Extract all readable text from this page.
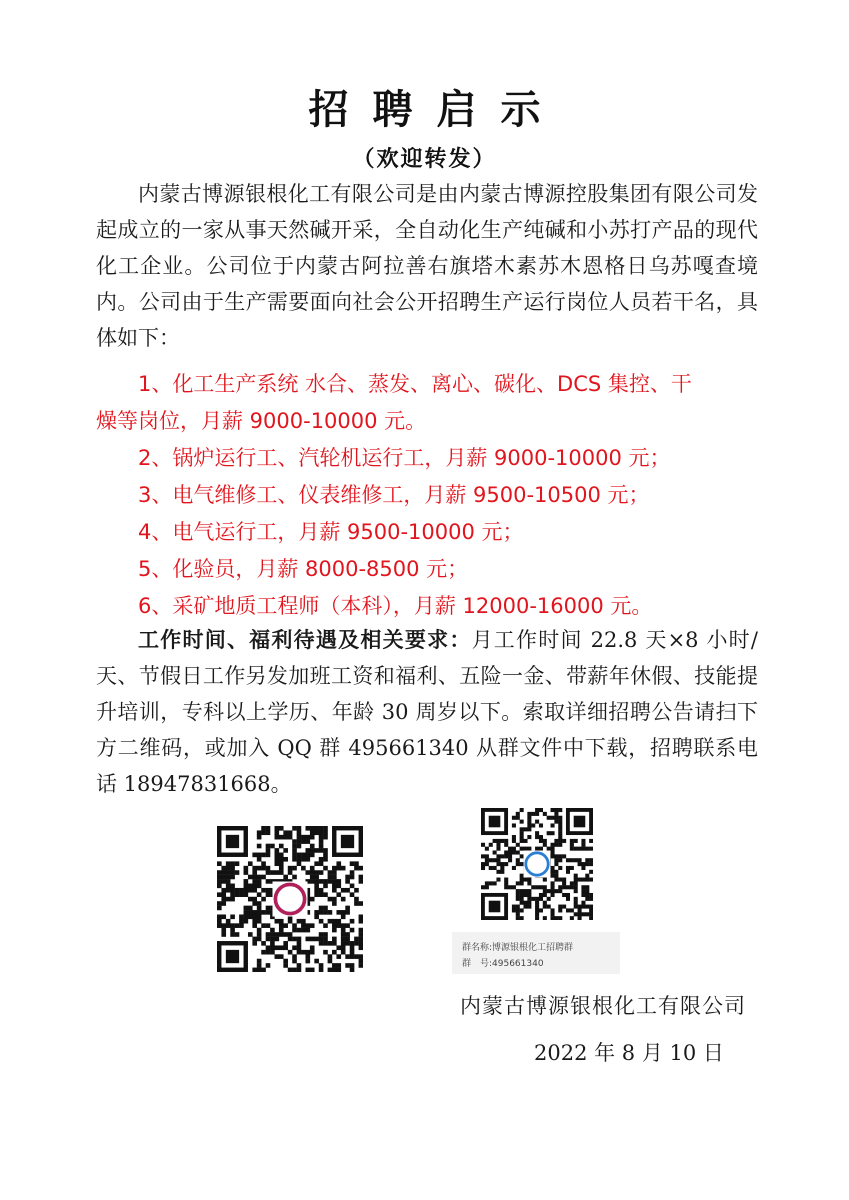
招聘启示
（欢迎转发）
内蒙古博源银根化工有限公司是由内蒙古博源控股集团有限公司发起成立的一家从事天然碱开采，全自动化生产纯碱和小苏打产品的现代化工企业。公司位于内蒙古阿拉善右旗塔木素苏木恩格日乌苏嘎查境内。公司由于生产需要面向社会公开招聘生产运行岗位人员若干名，具体如下：
1、化工生产系统 水合、蒸发、离心、碳化、DCS 集控、干
燥等岗位，月薪 9000-10000 元。
2、锅炉运行工、汽轮机运行工，月薪 9000-10000 元；
3、电气维修工、仪表维修工，月薪 9500-10500 元；
4、电气运行工，月薪 9500-10000 元；
5、化验员，月薪 8000-8500 元；
6、采矿地质工程师（本科），月薪 12000-16000 元。
工作时间、福利待遇及相关要求：月工作时间 22.8 天×8 小时/天、节假日工作另发加班工资和福利、五险一金、带薪年休假、技能提升培训，专科以上学历、年龄 30 周岁以下。索取详细招聘公告请扫下方二维码，或加入 QQ 群 495661340 从群文件中下载，招聘联系电话 18947831668。
群名称:博源银根化工招聘群
群　号:495661340
内蒙古博源银根化工有限公司
2022 年 8 月 10 日
